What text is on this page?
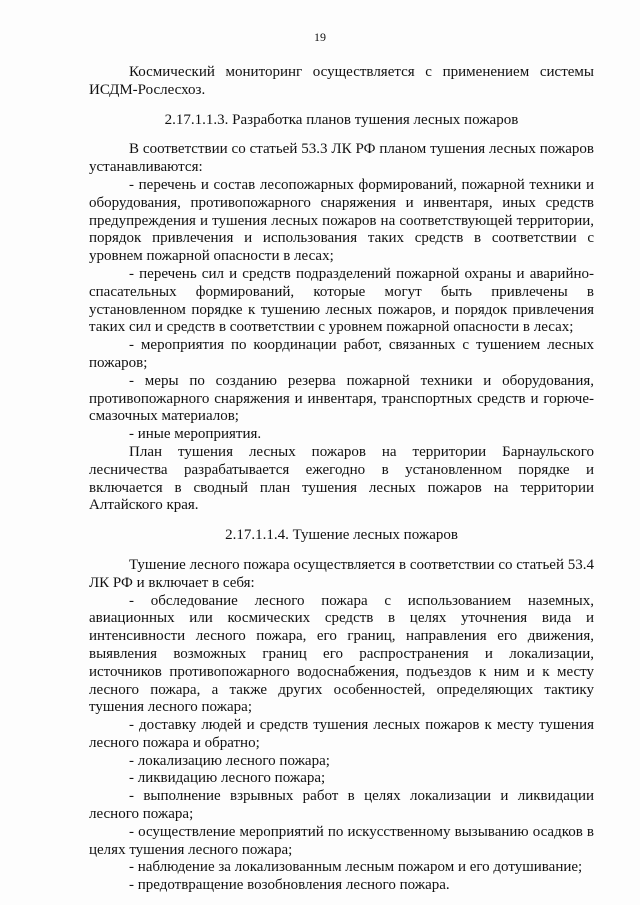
19

Космический мониторинг осуществляется с применением системы ИСДМ-Рослесхоз.

2.17.1.1.3. Разработка планов тушения лесных пожаров

В соответствии со статьей 53.3 ЛК РФ планом тушения лесных пожаров устанавливаются:

- перечень и состав лесопожарных формирований, пожарной техники и оборудования, противопожарного снаряжения и инвентаря, иных средств предупреждения и тушения лесных пожаров на соответствующей территории, порядок привлечения и использования таких средств в соответствии с уровнем пожарной опасности в лесах;

- перечень сил и средств подразделений пожарной охраны и аварийно-спасательных формирований, которые могут быть привлечены в установленном порядке к тушению лесных пожаров, и порядок привлечения таких сил и средств в соответствии с уровнем пожарной опасности в лесах;

- мероприятия по координации работ, связанных с тушением лесных пожаров;

- меры по созданию резерва пожарной техники и оборудования, противопожарного снаряжения и инвентаря, транспортных средств и горюче-смазочных материалов;

- иные мероприятия.

План тушения лесных пожаров на территории Барнаульского лесничества разрабатывается ежегодно в установленном порядке и включается в сводный план тушения лесных пожаров на территории Алтайского края.

2.17.1.1.4. Тушение лесных пожаров

Тушение лесного пожара осуществляется в соответствии со статьей 53.4 ЛК РФ и включает в себя:

- обследование лесного пожара с использованием наземных, авиационных или космических средств в целях уточнения вида и интенсивности лесного пожара, его границ, направления его движения, выявления возможных границ его распространения и локализации, источников противопожарного водоснабжения, подъездов к ним и к месту лесного пожара, а также других особенностей, определяющих тактику тушения лесного пожара;

- доставку людей и средств тушения лесных пожаров к месту тушения лесного пожара и обратно;

- локализацию лесного пожара;

- ликвидацию лесного пожара;

- выполнение взрывных работ в целях локализации и ликвидации лесного пожара;

- осуществление мероприятий по искусственному вызыванию осадков в целях тушения лесного пожара;

- наблюдение за локализованным лесным пожаром и его дотушивание;

- предотвращение возобновления лесного пожара.
